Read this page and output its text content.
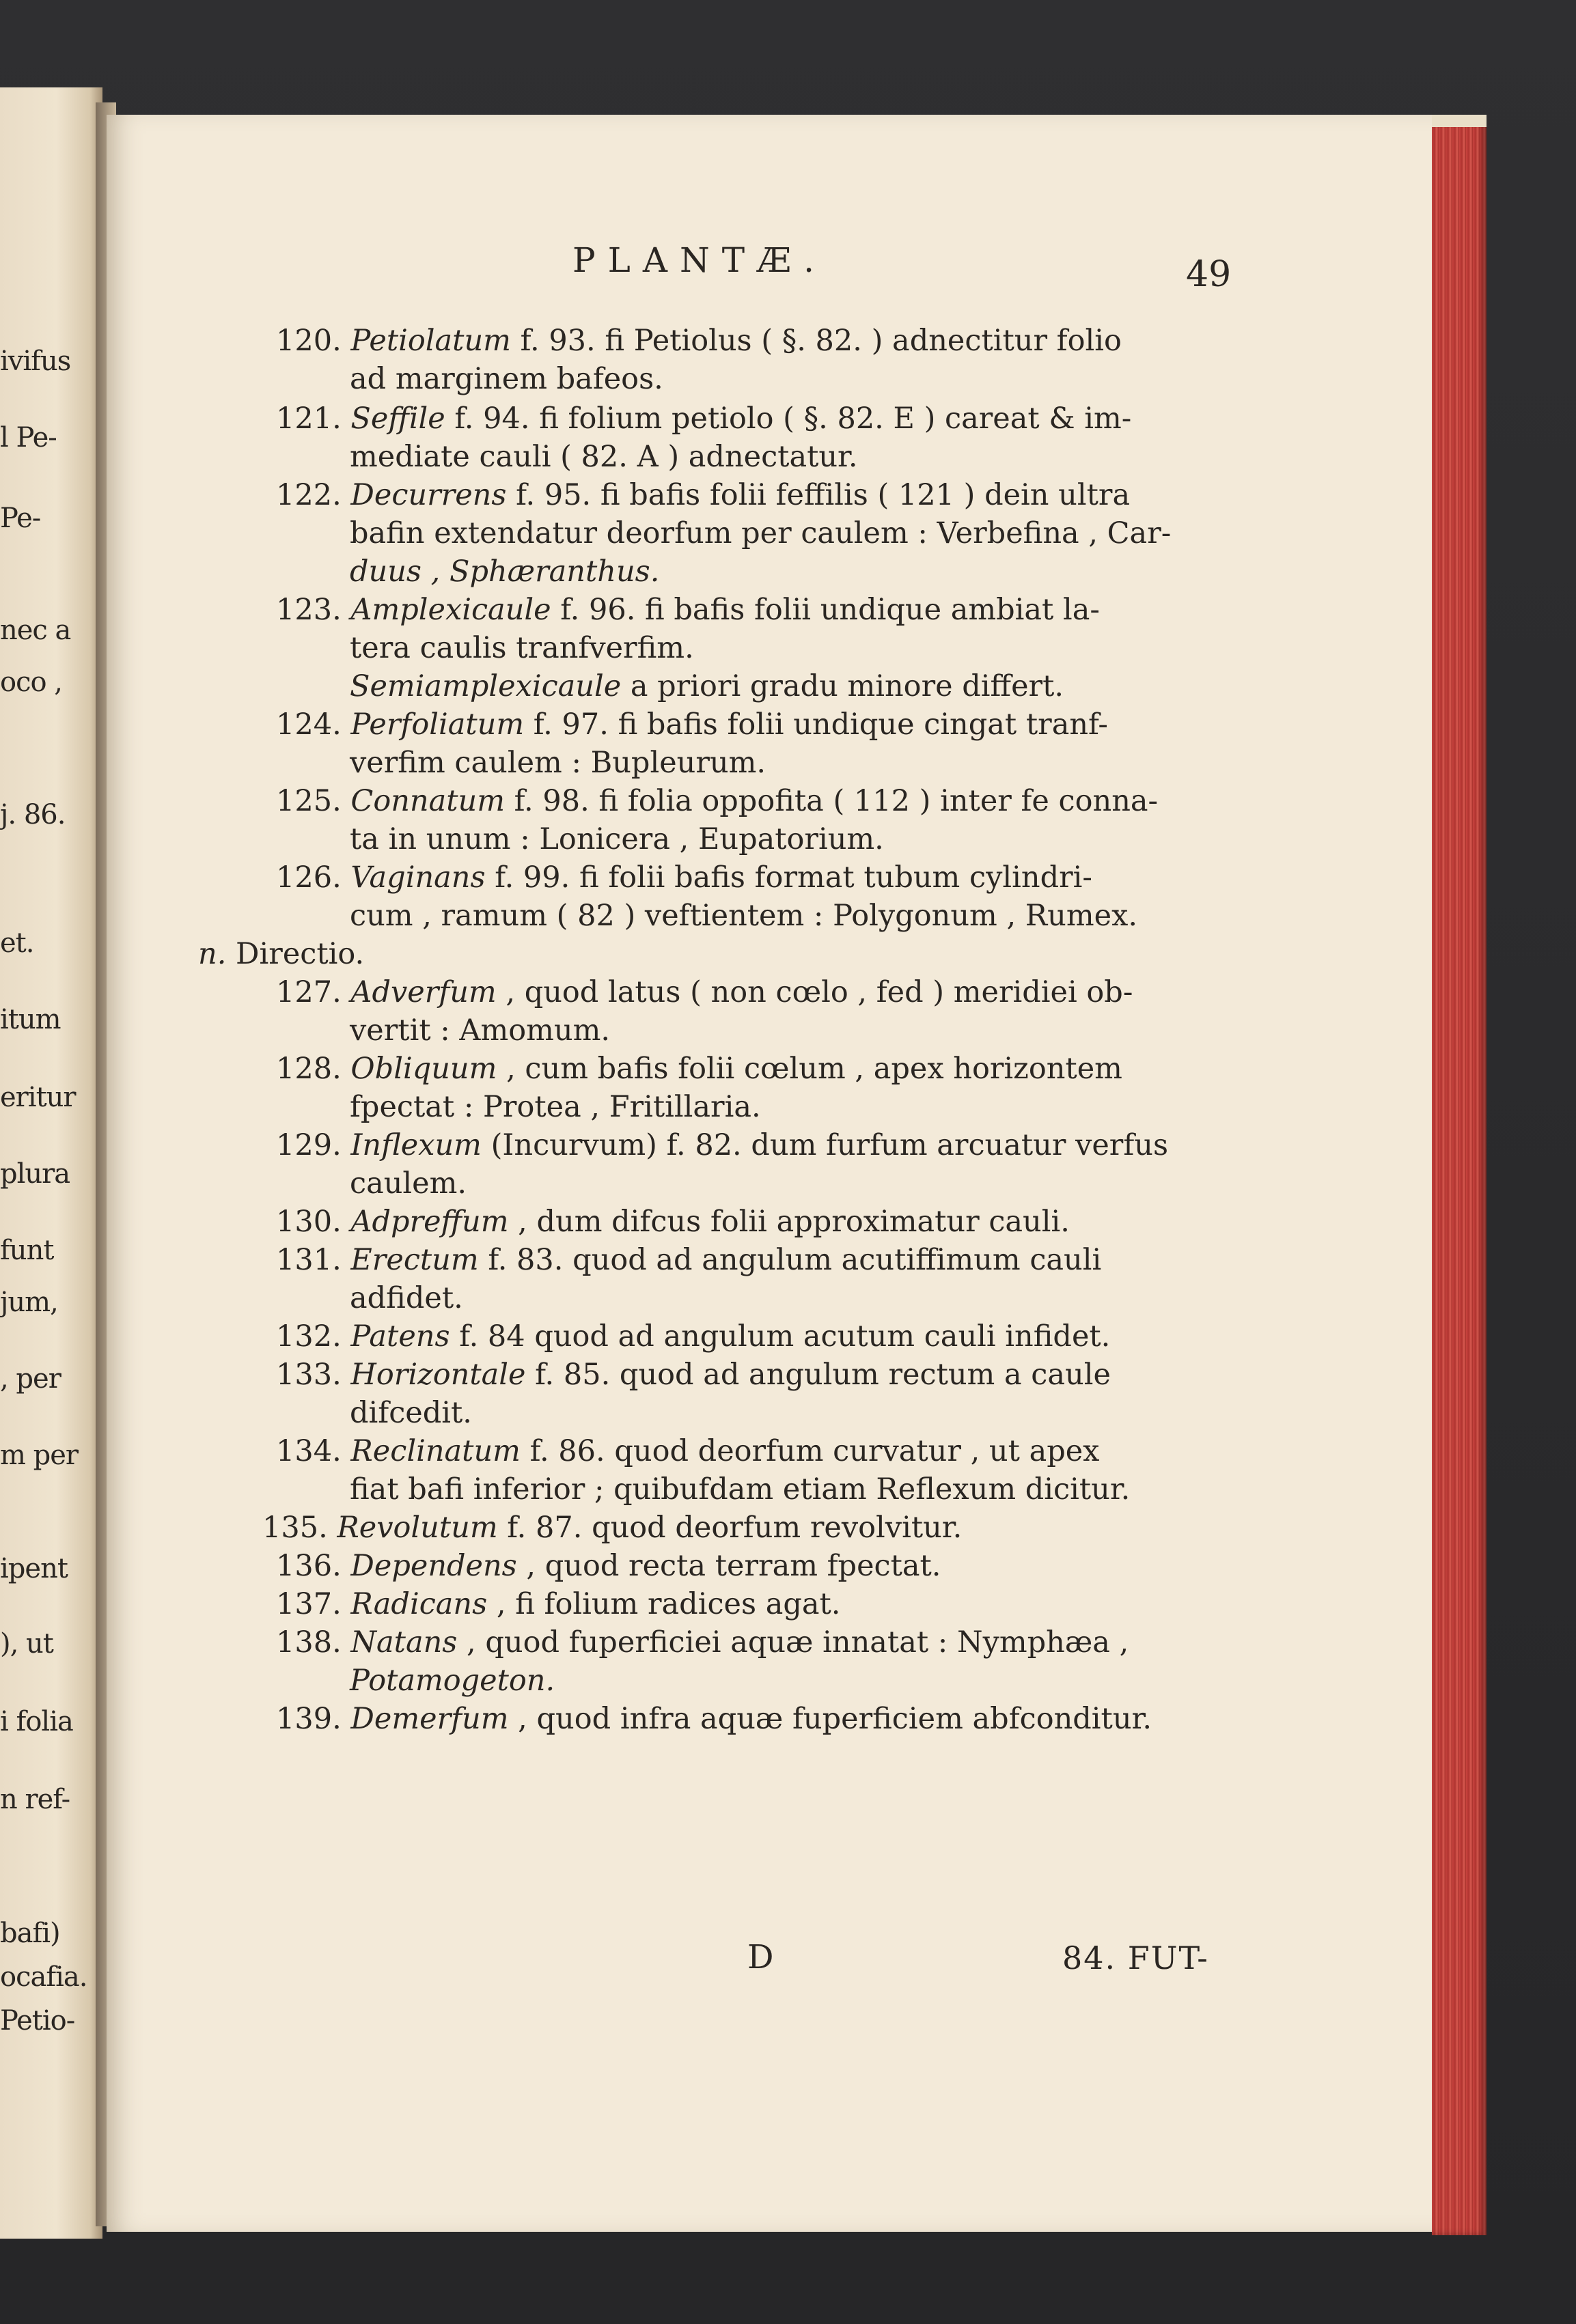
ivifus
l Pe-
Pe-
nec a
oco ,
j. 86.
et.
itum
eritur
plura
funt
jum,
, per
m per
ipent
), ut
i folia
n ref-
bafi)
ocafia.
Petio-
PLANTÆ.	49
120. Petiolatum f. 93. fi Petiolus ( §. 82. ) adnectitur folio
ad marginem bafeos.
121. Seffile f. 94. fi folium petiolo ( §. 82. E ) careat & im-
mediate cauli ( 82. A ) adnectatur.
122. Decurrens f. 95. fi bafis folii feffilis ( 121 ) dein ultra
bafin extendatur deorfum per caulem : Verbefina , Car-
duus , Sphæranthus.
123. Amplexicaule f. 96. fi bafis folii undique ambiat la-
tera caulis tranfverfim.
Semiamplexicaule a priori gradu minore differt.
124. Perfoliatum f. 97. fi bafis folii undique cingat tranf-
verfim caulem : Bupleurum.
125. Connatum f. 98. fi folia oppofita ( 112 ) inter fe conna-
ta in unum : Lonicera , Eupatorium.
126. Vaginans f. 99. fi folii bafis format tubum cylindri-
cum , ramum ( 82 ) veftientem : Polygonum , Rumex.
n. Directio.
127. Adverfum , quod latus ( non cœlo , fed ) meridiei ob-
vertit : Amomum.
128. Obliquum , cum bafis folii cœlum , apex horizontem
fpectat : Protea , Fritillaria.
129. Inflexum (Incurvum) f. 82. dum furfum arcuatur verfus
caulem.
130. Adpreffum , dum difcus folii approximatur cauli.
131. Erectum f. 83. quod ad angulum acutiffimum cauli
adfidet.
132. Patens f. 84 quod ad angulum acutum cauli infidet.
133. Horizontale f. 85. quod ad angulum rectum a caule
difcedit.
134. Reclinatum f. 86. quod deorfum curvatur , ut apex
fiat bafi inferior ; quibufdam etiam Reflexum dicitur.
135. Revolutum f. 87. quod deorfum revolvitur.
136. Dependens , quod recta terram fpectat.
137. Radicans , fi folium radices agat.
138. Natans , quod fuperficiei aquæ innatat : Nymphæa ,
Potamogeton.
139. Demerfum , quod infra aquæ fuperficiem abfconditur.
D	84. FUT-
